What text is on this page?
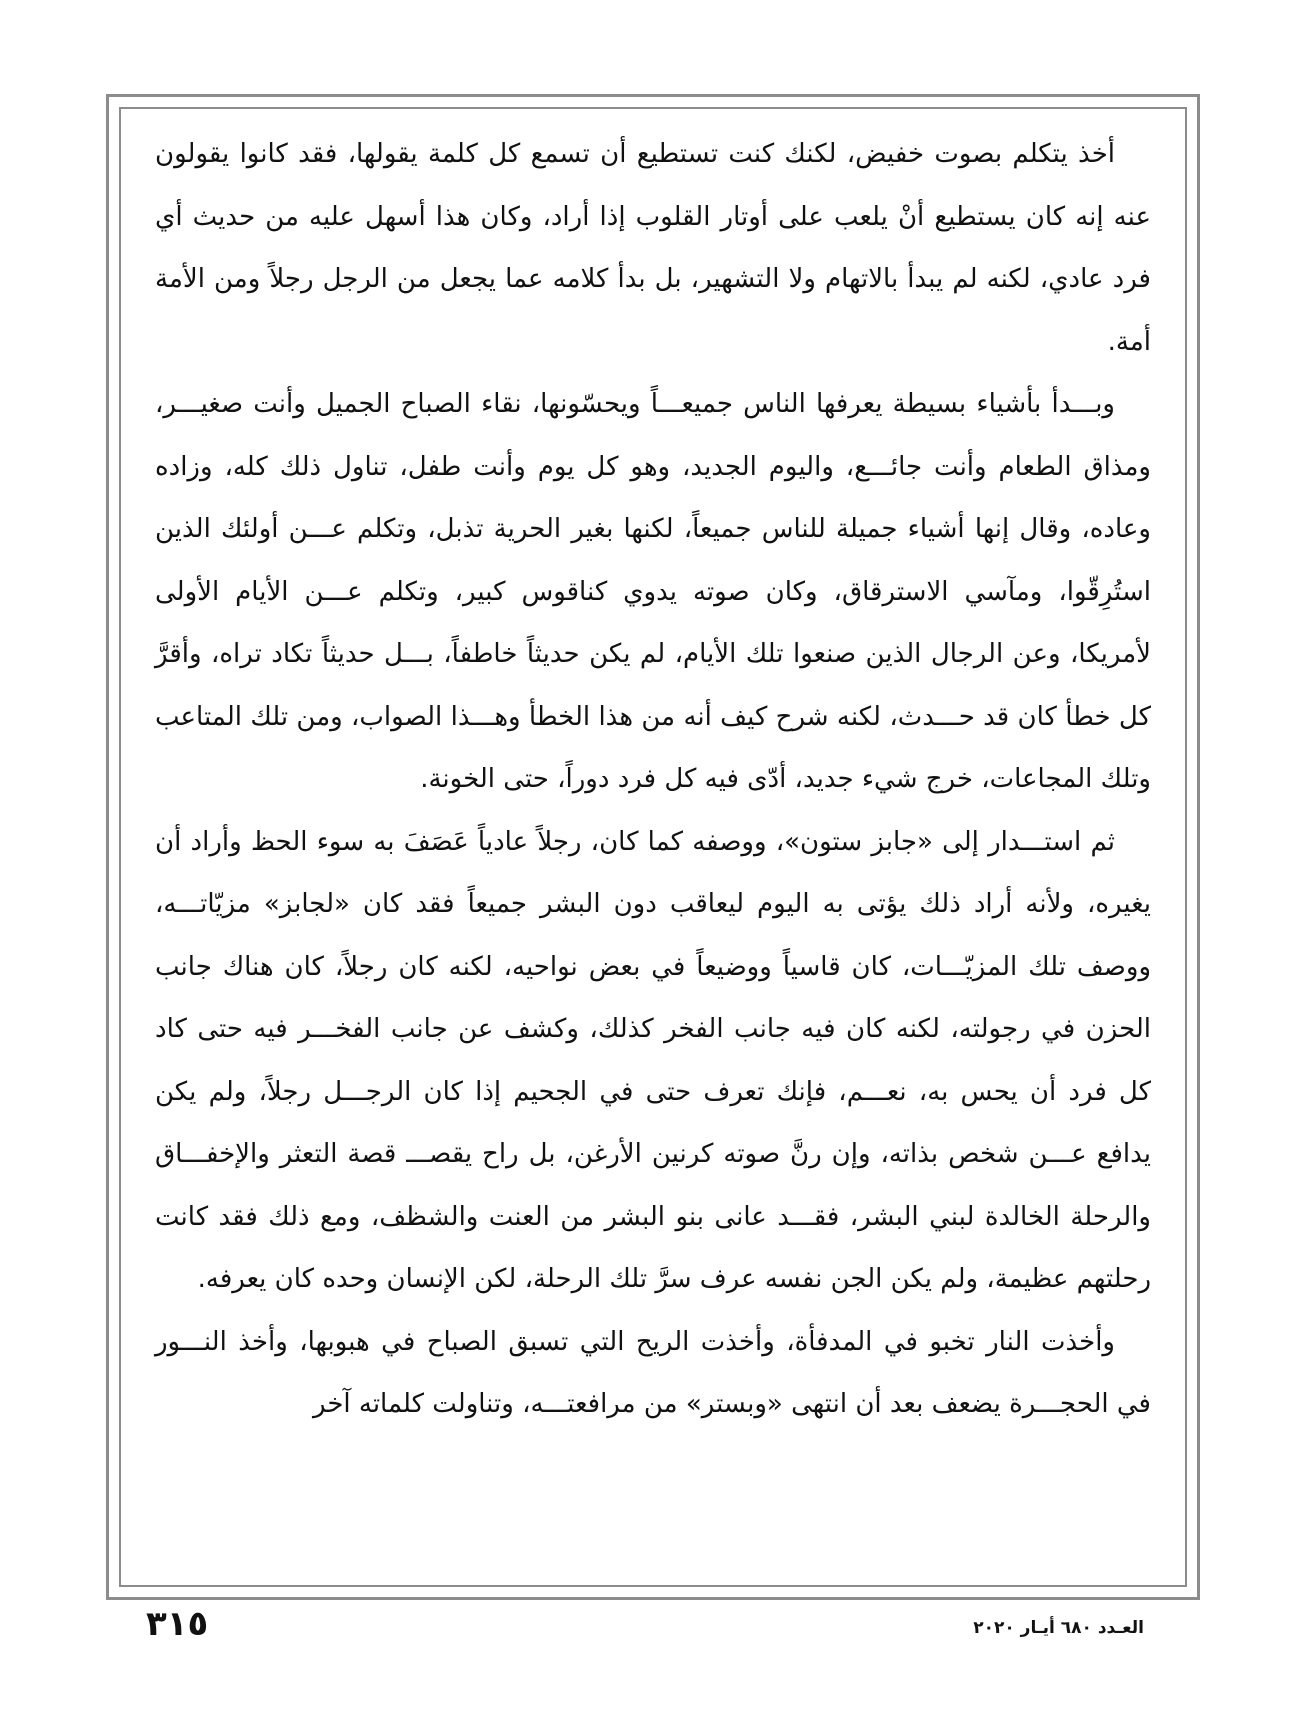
أخذ يتكلم بصوت خفيض، لكنك كنت تستطيع أن تسمع كل كلمة يقولها، فقد كانوا يقولون عنه إنه كان يستطيع أنْ يلعب على أوتار القلوب إذا أراد، وكان هذا أسهل عليه من حديث أي فرد عادي، لكنه لم يبدأ بالاتهام ولا التشهير، بل بدأ كلامه عما يجعل من الرجل رجلاً ومن الأمة أمة.

وبـــدأ بأشياء بسيطة يعرفها الناس جميعـــاً ويحسّونها، نقاء الصباح الجميل وأنت صغيـــر، ومذاق الطعام وأنت جائـــع، واليوم الجديد، وهو كل يوم وأنت طفل، تناول ذلك كله، وزاده وعاده، وقال إنها أشياء جميلة للناس جميعاً، لكنها بغير الحرية تذبل، وتكلم عـــن أولئك الذين استُرِقّوا، ومآسي الاسترقاق، وكان صوته يدوي كناقوس كبير، وتكلم عـــن الأيام الأولى لأمريكا، وعن الرجال الذين صنعوا تلك الأيام، لم يكن حديثاً خاطفاً، بـــل حديثاً تكاد تراه، وأقرَّ كل خطأ كان قد حـــدث، لكنه شرح كيف أنه من هذا الخطأ وهـــذا الصواب، ومن تلك المتاعب وتلك المجاعات، خرج شيء جديد، أدّى فيه كل فرد دوراً، حتى الخونة.

ثم استـــدار إلى «جابز ستون»، ووصفه كما كان، رجلاً عادياً عَصَفَ به سوء الحظ وأراد أن يغيره، ولأنه أراد ذلك يؤتى به اليوم ليعاقب دون البشر جميعاً فقد كان «لجابز» مزيّاتـــه، ووصف تلك المزيّـــات، كان قاسياً ووضيعاً في بعض نواحيه، لكنه كان رجلاً، كان هناك جانب الحزن في رجولته، لكنه كان فيه جانب الفخر كذلك، وكشف عن جانب الفخـــر فيه حتى كاد كل فرد أن يحس به، نعـــم، فإنك تعرف حتى في الجحيم إذا كان الرجـــل رجلاً، ولم يكن يدافع عـــن شخص بذاته، وإن رنَّ صوته كرنين الأرغن، بل راح يقصـــ قصة التعثر والإخفـــاق والرحلة الخالدة لبني البشر، فقـــد عانى بنو البشر من العنت والشظف، ومع ذلك فقد كانت رحلتهم عظيمة، ولم يكن الجن نفسه عرف سرَّ تلك الرحلة، لكن الإنسان وحده كان يعرفه.

وأخذت النار تخبو في المدفأة، وأخذت الريح التي تسبق الصباح في هبوبها، وأخذ النـــور في الحجـــرة يضعف بعد أن انتهى «وبستر» من مرافعتـــه، وتناولت كلماته آخر

٣١٥	العـدد ٦٨٠ أيـار ٢٠٢٠
